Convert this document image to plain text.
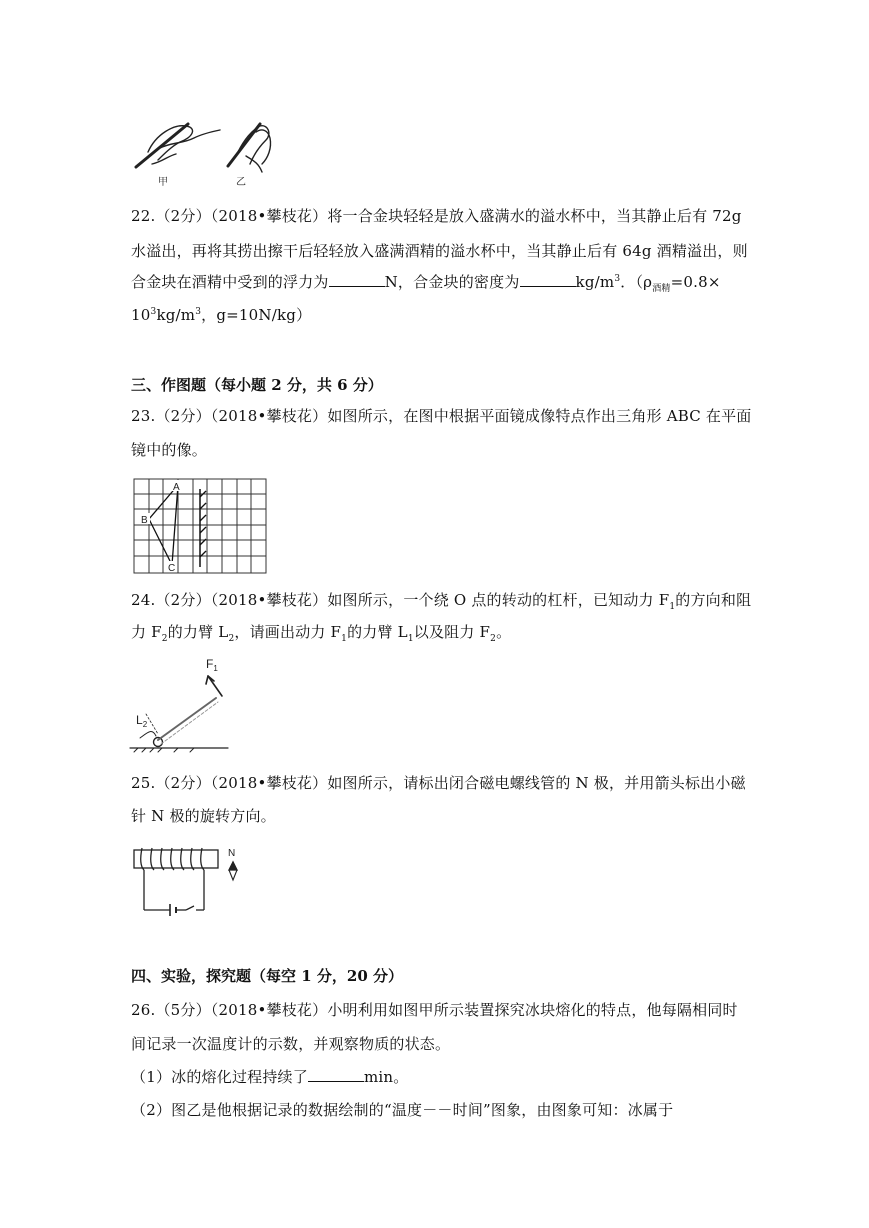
甲	乙
22.（2分）（2018•攀枝花）将一合金块轻轻是放入盛满水的溢水杯中，当其静止后有 72g
水溢出，再将其捞出擦干后轻轻放入盛满酒精的溢水杯中，当其静止后有 64g 酒精溢出，则
合金块在酒精中受到的浮力为	N，合金块的密度为	$kg/m^3$．（$\rho_{酒精}=0.8\times$
$10^3kg/m^3$，g=10N/kg）
三、作图题（每小题 2 分，共 6 分）
23.（2分）（2018•攀枝花）如图所示，在图中根据平面镜成像特点作出三角形 ABC 在平面
镜中的像。
A
B
C
24.（2分）（2018•攀枝花）如图所示，一个绕 O 点的转动的杠杆，已知动力 $F_1$的方向和阻
力 $F_2$的力臂 $L_2$，请画出动力 $F_1$的力臂 $L_1$以及阻力 $F_2$。
$F_1$
$L_2$
25.（2分）（2018•攀枝花）如图所示，请标出闭合磁电螺线管的 N 极，并用箭头标出小磁
针 N 极的旋转方向。
N
四、实验，探究题（每空 1 分，20 分）
26.（5分）（2018•攀枝花）小明利用如图甲所示装置探究冰块熔化的特点，他每隔相同时
间记录一次温度计的示数，并观察物质的状态。
（1）冰的熔化过程持续了	min。
（2）图乙是他根据记录的数据绘制的“温度－－时间”图象，由图象可知：冰属于
